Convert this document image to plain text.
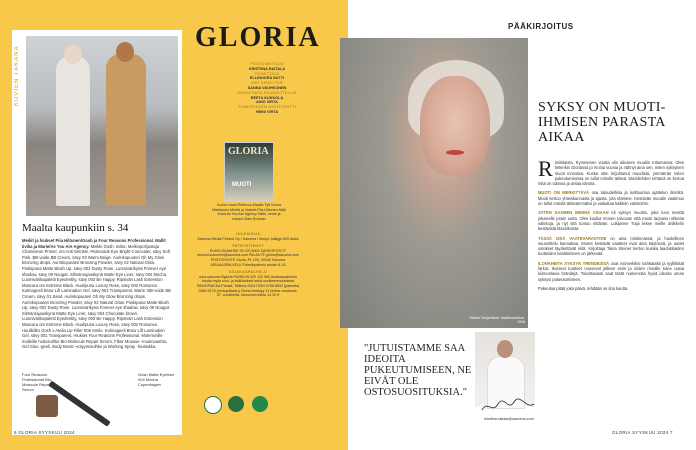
KUVIEN TAKANA
Maalta kaupunkiin s. 34
Meikit ja hiukset Piia Hiltunen/Gosh ja Four Reasons Professional. Mallit Iivika ja Marie/As You Are Agency. Meikki Gosh. Iivika: Meikinpohjustaja Chameleon Primer, om Anti Wrinkle. Peitevoide Eye Bright Concealer, sävy Soft Pink. BB-voide BB Cream, sävy 03 Warm Beige. Aurinkopuuteri Oh My Glow Bronzing drops. Aurinkopuuteri Bronzing Powder, sävy 02 Natural Glow. Poskipuna Matte Blush Up, sävy 002 Dusty Rose. Luomivärikynä Forever eye shadow, sävy 09 Nougat. Silmänrajauskynä Matte Eye Liner, sävy 004 Mocha. Luomivärikapaletti Eyedentity, sävy 003 Be Happy. Ripsiväri Lash Extension Mascara om Extreme Black. Huulipuna Luxury Rose, sävy 002 Romance. Kulmageeli Brow Lift Lamination Gel, sävy 001 Transparent. Marie: BB-voide BB Cream, sävy 01 Sand. Aurinkopuuteri Oh My Glow Bronzing drops. Aurinkopuuteri Bronzing Powder, sävy 02 Natural Glow. Poskipuna Matte Blush Up, sävy 002 Dusty Rose. Luomivärikynä Forever eye shadow, sävy 09 Nougat. Silmänrajauskynä Matte Eye Liner, sävy 004 Chocolate brown. Luomivärikapaletti Eyedentity, sävy 003 Be Happy. Ripsiväri Lash Extension Mascara om Extreme Black. Huulipuna Luxury Rose, sävy 002 Romance. Huulikiilto Gosh x Atelia Lip Filler 006 Smile. Kulmageeli Brow Lift Lamination Gel, sävy 001 Transparent. Hiukset Four Reasons Professional. Molemmille malleille hoitosuihke Bio-Molecule Repair Serum, Fiber Mousse -muotovaahto, Gel Glue -geeli, Body Boost -volyymisuihke ja Working Spray -hiuslakka.
Four Reasons Professional Bio-Molecule Repair Serum
Gosh Matte Eyeliner 004 Mocha Copenhagen
GLORIA
PÄÄTOIMITTAJA
KRISTIINA RAITALA
TOIMITTAJA
ELLINOORA SUTTI
ART DIRECTOR
SANNA VAUHKONEN
GRAAFINEN SUUNNITTELIJA
REETA KUKKOLA
AINO VIRTA
TOIMITUKSEN ASSISTENTTI
HEINI VIRTA
GLORIA
MUOTI
Kuvien kuva Rebecca Maalta Työ Noora Hiekkanen Meikki ja hiukset Piia Hiltunen Malli Iivika As You Are Agency Takki, neule ja housut Marc Buhnan
JULKAISIJA
Sanoma Media Finland Oy / Sanoma / Medyt Jutkijgs 600 Aulek
YHTEYSTIEDOT
PUHELINVAIHDE 09 120 5000 SÄHKÖPOSTIT etunimi.sukunimi@sanoma.com PALAUTE gloria@sanoma.com POSTIOSOITE Gloria, PL 100, 00040 Sanoma ASIAKASPALVELU Puhelinpalvelu arkisin 8-18
ASIAKASPALVELU
oma.sanoma.fi/gloria PUHELIN 020 120 500 Asiakaspalvelun kautta myös uusi- ja lisätilaukset sekä osoitteenmuutokset PAINOPAIKKA Printall, Tallinna 2024 ISSN 0789-8692 (painettu) 2669-9176 (verkojulkaisu) Gloria ilmestyy 11 kertaa vuodessa. 37. vuosikerta. Irtonumerohinta 12,20 €
6 GLORIA SYYSKUU 2024
PÄÄKIRJOITUS
Helene Schjerfbeck: Vadelmaneidon, 1946
"JUTUISTAMME SAA IDEOITA PUKEUTUMISEEN, NE EIVÄT OLE OSTOSUOSITUKSIA."
kristiina.raitala@sanoma.com
SYKSY ON MUOTI-IHMISEN PARASTA AIKAA
Ristiriitaista. Kymmenen vuotta olin aikuisen muotiin tottumassa. Olen tietenkin Gloriassa jo monia vuosia ja nähnyt aina sen, miten syksyinen muoti innostaa. Koska olen kirjoittanut muodista, ymmärrän miten pukeutumisesta on tullut minulle tärkeä. Muotilehden tehtävä on kertoa mitä on tulossa ja antaa ideoita.
MUOTI ON MERKITTÄVÄ osa taloudellisia ja kulttuurisia ajattelun ilmiöitä. Muoti kertoo yhteiskunnasta ja ajasta, jota elämme. Kestävän muodin vaatimus on tullut entistä tärkeämmäksi ja vaikuttaa kaikkiin valintoihin.
JOTEN SAAMEN MENNÄ ASIAAN eli syksyn muotiin, joka luon meistä jokaiselle jotain uutta. Olen kuullut monen toivovan että muoti tarjoaisi rohkeita valintoja, ja nyt sitä tuntuu riittävän. Lukijanne Tuija tekee meille artikkelin kestävistä klassikoista.
TÄSSÄ ISSÄ VAATEVARASTONI on aina mietinnässä, ja huolellinen suunnittelu kannattaa. Monet kestävät vaatteet ovat aina käytössä, ja uudet ostokset täydentävät niitä. Kirjoittaja Taina Steiner kertoo kuinka laadukkaiden tuotteiden hankkiminen on järkevää.
ILONAHEITA SYKSYN TRENDEISSÄ ovat esimerkiksi nahkatakit ja tyylikkäät farkut. Ikoniset tuotteet nousevat jälleen esiin ja niiden rinnalle tulee uusia kiinnostavia brändejä. Toivottavasti saat tästä numerosta hyviä ideoita oman syksysi pukeutumiseen.
Pukeutua pitää joka päivä, tehdään se iloa kautta.
GLORIA SYYSKUU 2024 7
